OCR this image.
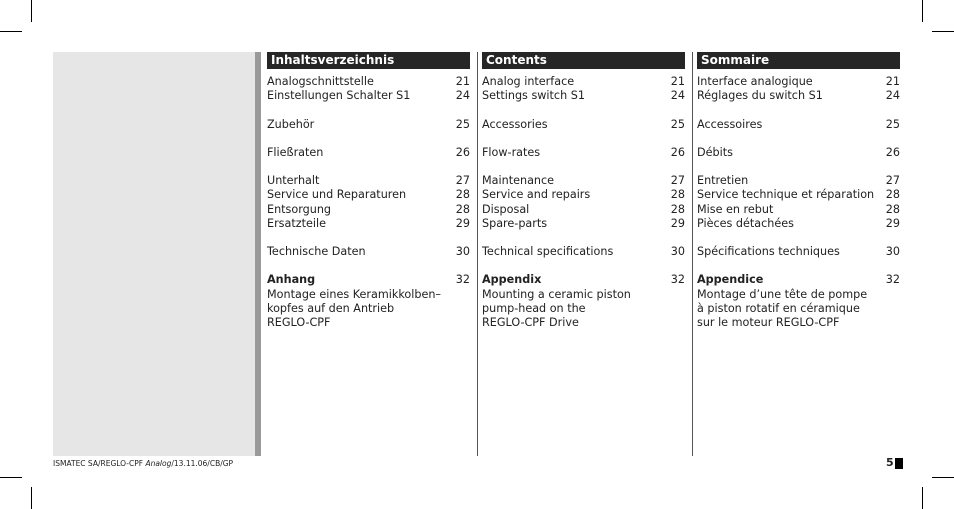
Inhaltsverzeichnis
Analogschnittstelle	21
Einstellungen Schalter S1	24
Zubehör	25
Fließraten	26
Unterhalt	27
Service und Reparaturen	28
Entsorgung	28
Ersatzteile	29
Technische Daten	30
Anhang	32
Montage eines Keramikkolben–
kopfes auf den Antrieb
REGLO-CPF
Contents
Analog interface	21
Settings switch S1	24
Accessories	25
Flow-rates	26
Maintenance	27
Service and repairs	28
Disposal	28
Spare-parts	29
Technical specifications	30
Appendix	32
Mounting a ceramic piston
pump-head on the
REGLO-CPF Drive
Sommaire
Interface analogique	21
Réglages du switch S1	24
Accessoires	25
Débits	26
Entretien	27
Service technique et réparation	28
Mise en rebut	28
Pièces détachées	29
Spécifications techniques	30
Appendice	32
Montage d’une tête de pompe
à piston rotatif en céramique
sur le moteur REGLO-CPF
ISMATEC SA/REGLO-CPF Analog/13.11.06/CB/GP	5
